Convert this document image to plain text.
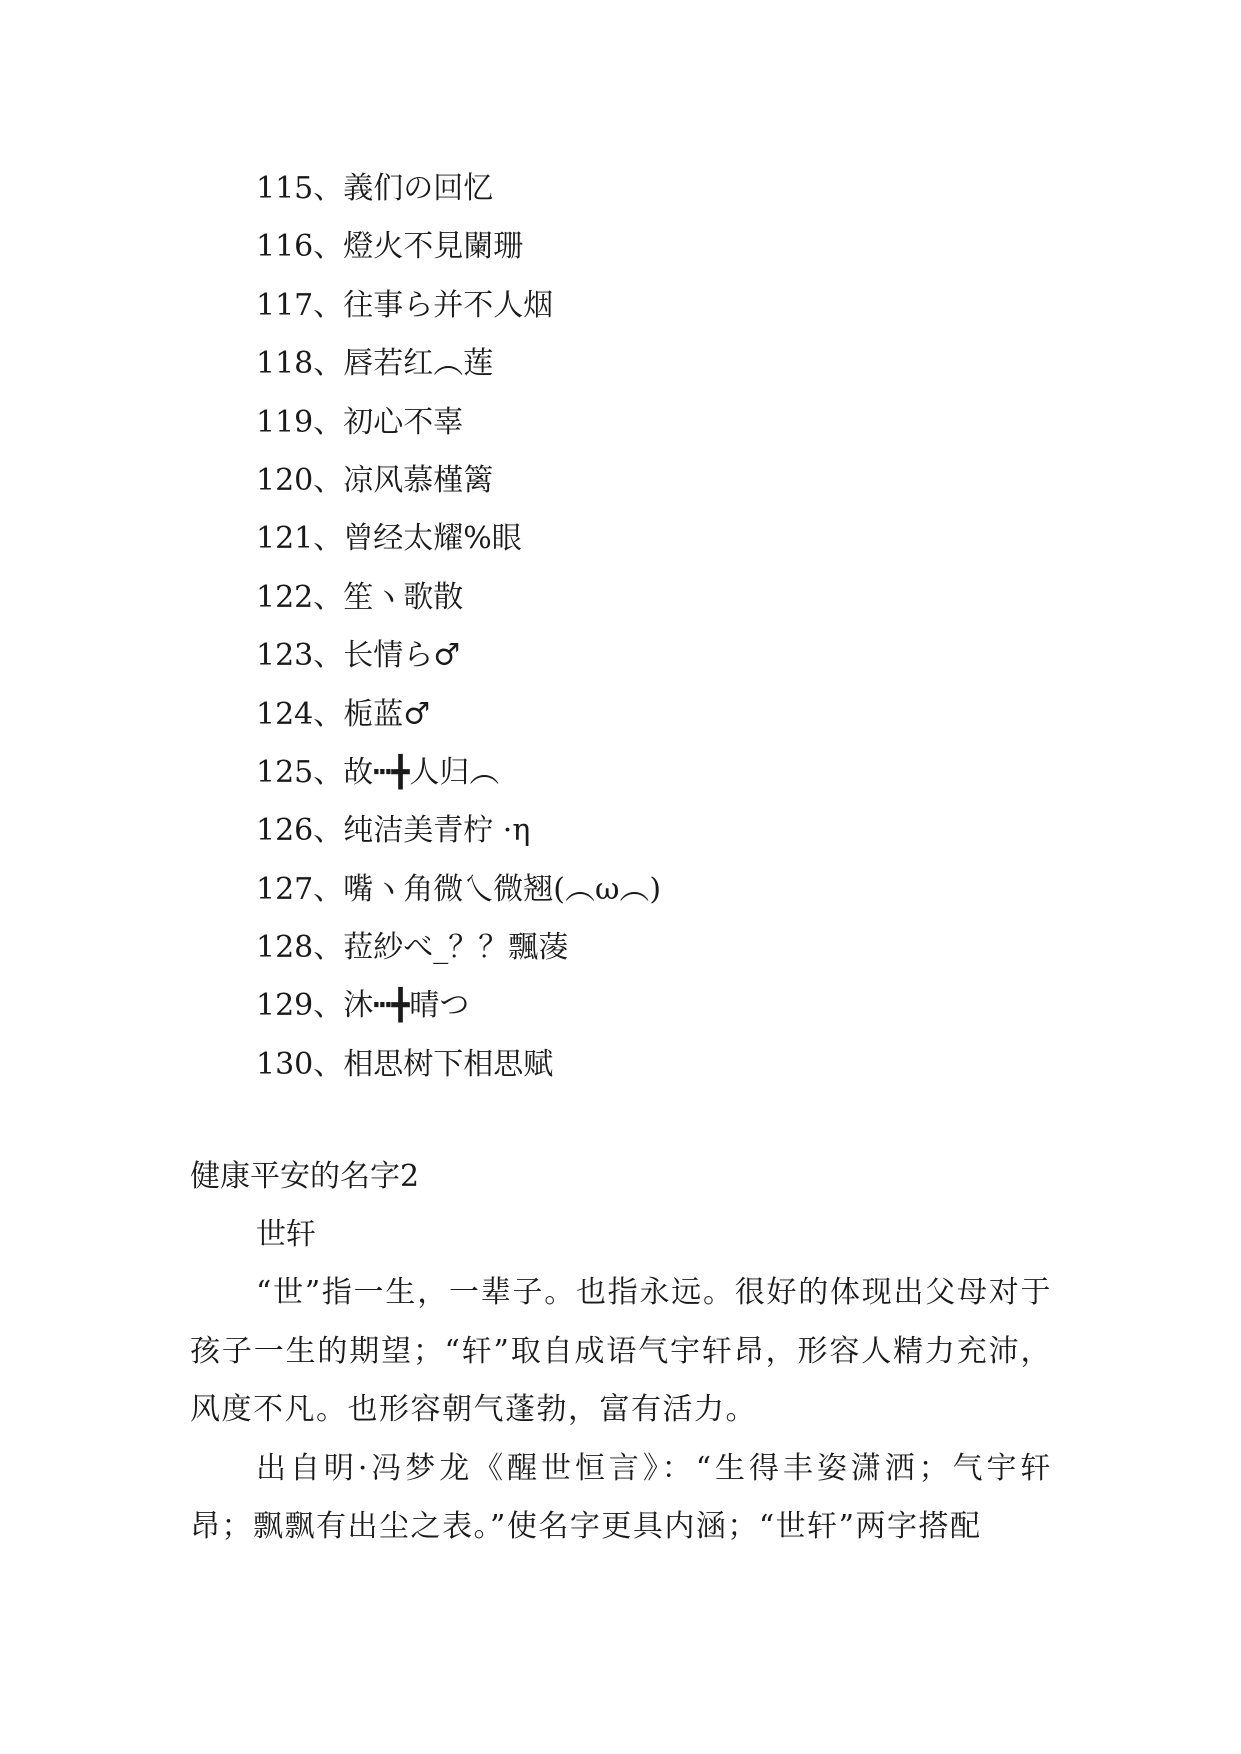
115、義们の回忆
116、燈火不見闌珊
117、往事ら并不人烟
118、唇若红︵莲
119、初心不辜
120、凉风慕槿篱
121、曾经太耀%眼
122、笙ヽ歌散
123、长情ら♂
124、栀蓝♂
125、故┅╋人归︵
126、纯洁美青柠 ·η
127、嘴ヽ角微乀微翘(︵ω︵)
128、菈紗べ_？？飄蓤
129、沐┅╋晴つ
130、相思树下相思赋
健康平安的名字2

世轩

“世”指一生，一辈子。也指永远。很好的体现出父母对于孩子一生的期望；“轩”取自成语气宇轩昂，形容人精力充沛，风度不凡。也形容朝气蓬勃，富有活力。

出自明·冯梦龙《醒世恒言》：“生得丰姿潇洒；气宇轩昂；飘飘有出尘之表。”使名字更具内涵；“世轩”两字搭配
